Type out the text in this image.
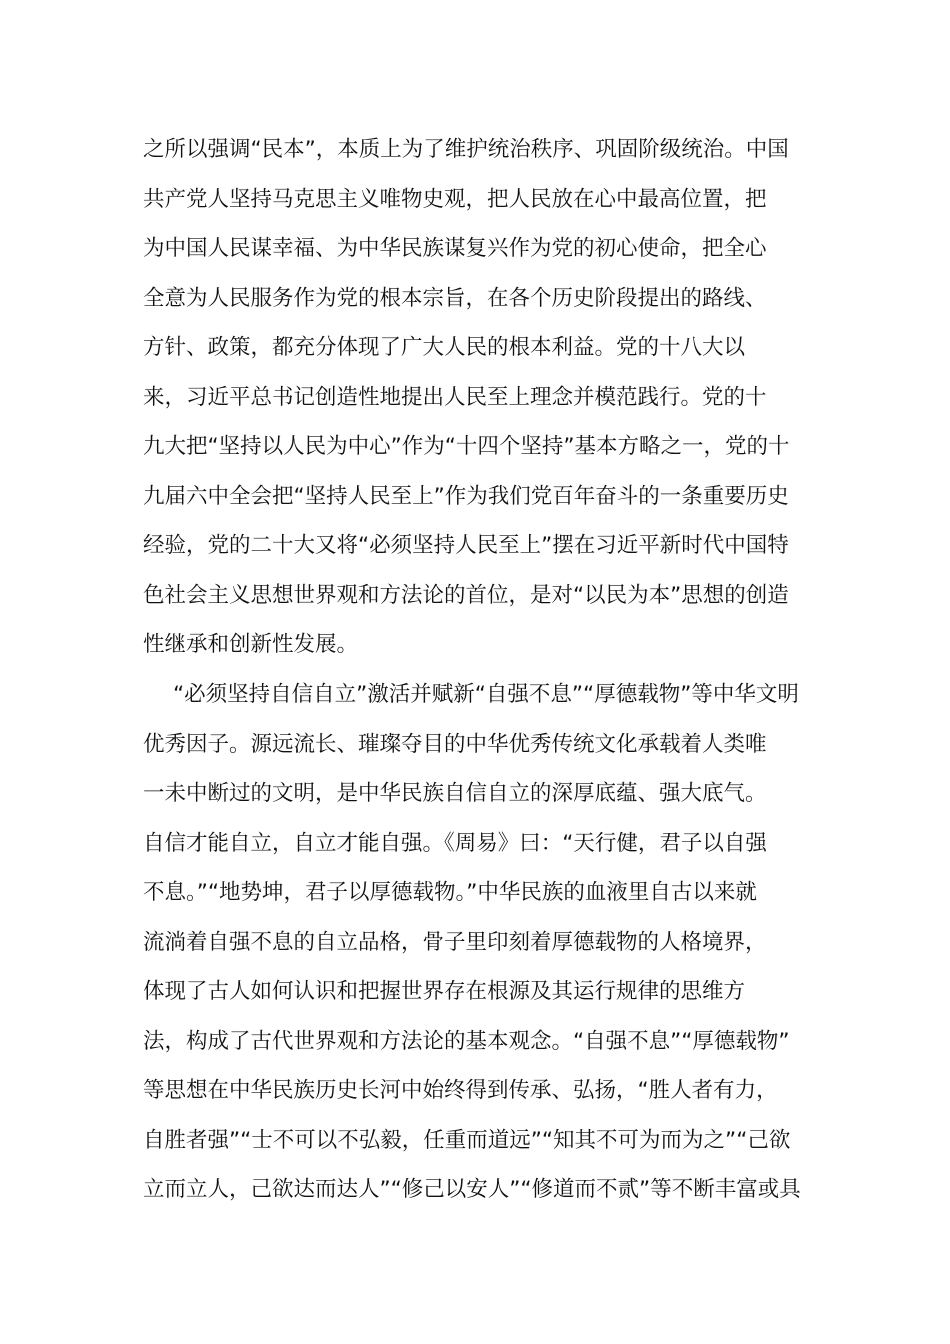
之所以强调“民本”，本质上为了维护统治秩序、巩固阶级统治。中国
共产党人坚持马克思主义唯物史观，把人民放在心中最高位置，把
为中国人民谋幸福、为中华民族谋复兴作为党的初心使命，把全心
全意为人民服务作为党的根本宗旨，在各个历史阶段提出的路线、
方针、政策，都充分体现了广大人民的根本利益。党的十八大以
来，习近平总书记创造性地提出人民至上理念并模范践行。党的十
九大把“坚持以人民为中心”作为“十四个坚持”基本方略之一，党的十
九届六中全会把“坚持人民至上”作为我们党百年奋斗的一条重要历史
经验，党的二十大又将“必须坚持人民至上”摆在习近平新时代中国特
色社会主义思想世界观和方法论的首位，是对“以民为本”思想的创造
性继承和创新性发展。
“必须坚持自信自立”激活并赋新“自强不息”“厚德载物”等中华文明
优秀因子。源远流长、璀璨夺目的中华优秀传统文化承载着人类唯
一未中断过的文明，是中华民族自信自立的深厚底蕴、强大底气。
自信才能自立，自立才能自强。《周易》曰：“天行健，君子以自强
不息。”“地势坤，君子以厚德载物。”中华民族的血液里自古以来就
流淌着自强不息的自立品格，骨子里印刻着厚德载物的人格境界，
体现了古人如何认识和把握世界存在根源及其运行规律的思维方
法，构成了古代世界观和方法论的基本观念。“自强不息”“厚德载物”
等思想在中华民族历史长河中始终得到传承、弘扬，“胜人者有力，
自胜者强”“士不可以不弘毅，任重而道远”“知其不可为而为之”“己欲
立而立人，己欲达而达人”“修己以安人”“修道而不贰”等不断丰富或具
